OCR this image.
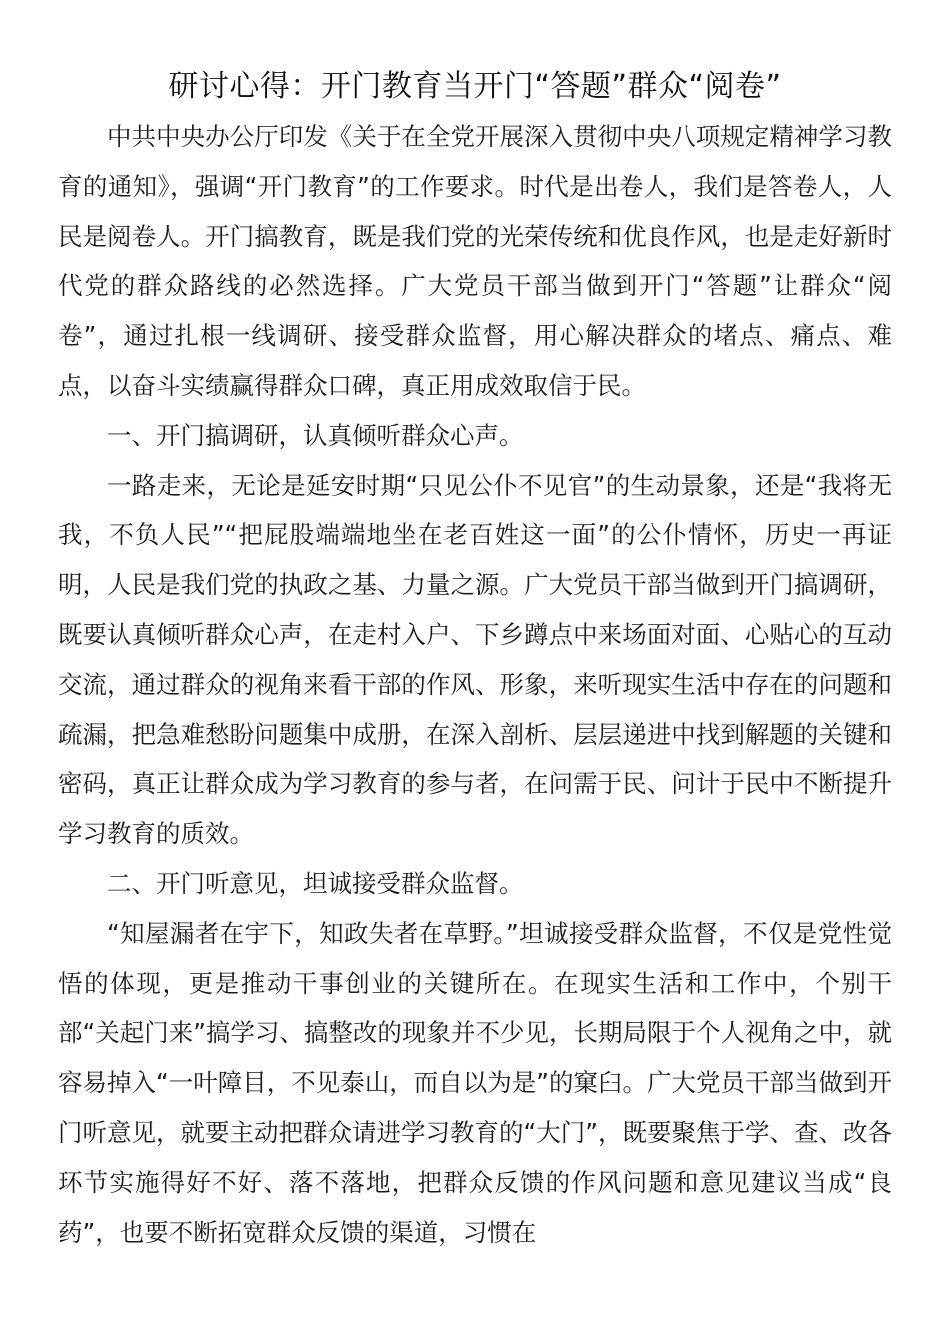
研讨心得：开门教育当开门“答题”群众“阅卷”

中共中央办公厅印发《关于在全党开展深入贯彻中央八项规定精神学习教育的通知》，强调“开门教育”的工作要求。时代是出卷人，我们是答卷人，人民是阅卷人。开门搞教育，既是我们党的光荣传统和优良作风，也是走好新时代党的群众路线的必然选择。广大党员干部当做到开门“答题”让群众“阅卷”，通过扎根一线调研、接受群众监督，用心解决群众的堵点、痛点、难点，以奋斗实绩赢得群众口碑，真正用成效取信于民。

一、开门搞调研，认真倾听群众心声。

一路走来，无论是延安时期“只见公仆不见官”的生动景象，还是“我将无我，不负人民”“把屁股端端地坐在老百姓这一面”的公仆情怀，历史一再证明，人民是我们党的执政之基、力量之源。广大党员干部当做到开门搞调研，既要认真倾听群众心声，在走村入户、下乡蹲点中来场面对面、心贴心的互动交流，通过群众的视角来看干部的作风、形象，来听现实生活中存在的问题和疏漏，把急难愁盼问题集中成册，在深入剖析、层层递进中找到解题的关键和密码，真正让群众成为学习教育的参与者，在问需于民、问计于民中不断提升学习教育的质效。

二、开门听意见，坦诚接受群众监督。

“知屋漏者在宇下，知政失者在草野。”坦诚接受群众监督，不仅是党性觉悟的体现，更是推动干事创业的关键所在。在现实生活和工作中，个别干部“关起门来”搞学习、搞整改的现象并不少见，长期局限于个人视角之中，就容易掉入“一叶障目，不见泰山，而自以为是”的窠臼。广大党员干部当做到开门听意见，就要主动把群众请进学习教育的“大门”，既要聚焦于学、查、改各环节实施得好不好、落不落地，把群众反馈的作风问题和意见建议当成“良药”，也要不断拓宽群众反馈的渠道，习惯在
